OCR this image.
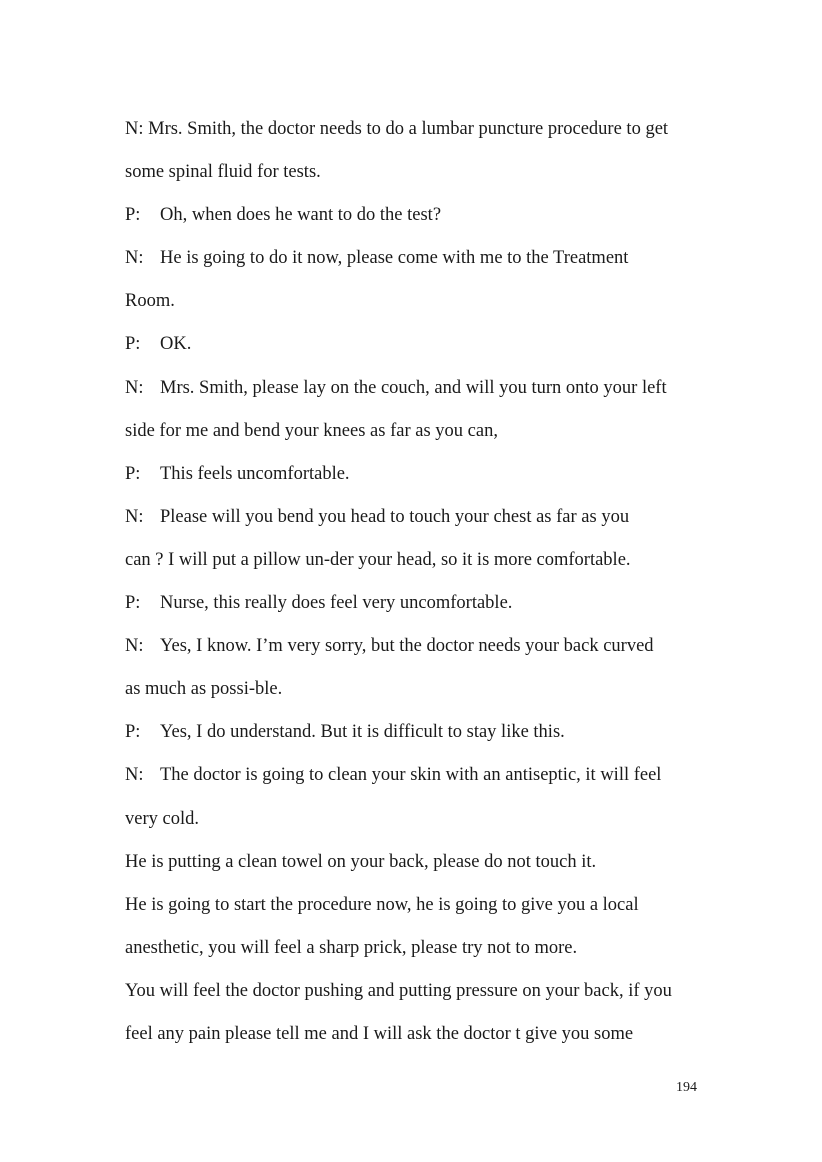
N: Mrs. Smith, the doctor needs to do a lumbar puncture procedure to get
some spinal fluid for tests.
P: Oh, when does he want to do the test?
N: He is going to do it now, please come with me to the Treatment
Room.
P: OK.
N: Mrs. Smith, please lay on the couch, and will you turn onto your left
side for me and bend your knees as far as you can,
P: This feels uncomfortable.
N: Please will you bend you head to touch your chest as far as you
can ? I will put a pillow un-der your head, so it is more comfortable.
P: Nurse, this really does feel very uncomfortable.
N: Yes, I know. I’m very sorry, but the doctor needs your back curved
as much as possi-ble.
P: Yes, I do understand. But it is difficult to stay like this.
N: The doctor is going to clean your skin with an antiseptic, it will feel
very cold.
He is putting a clean towel on your back, please do not touch it.
He is going to start the procedure now, he is going to give you a local
anesthetic, you will feel a sharp prick, please try not to more.
You will feel the doctor pushing and putting pressure on your back, if you
feel any pain please tell me and I will ask the doctor t give you some
194
